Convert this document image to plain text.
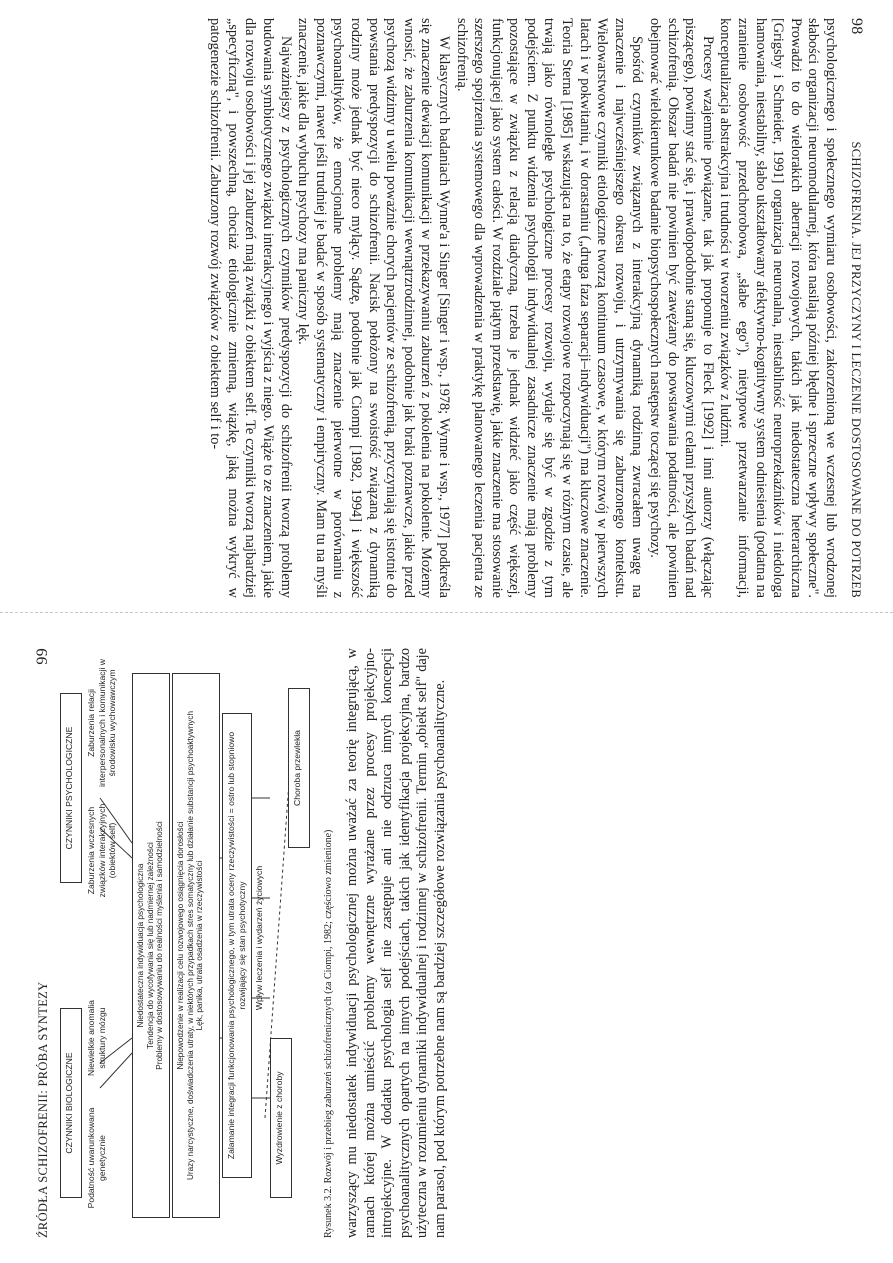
98
SCHIZOFRENIA. JEJ PRZYCZYNY I LECZENIE DOSTOSOWANE DO POTRZEB

psychologicznego i społecznego wymiaru osobowości, zakorzenioną we wczesnej lub wrodzonej słabości organizacji neuromodularnej, która nasilają później błędne i sprzeczne wpływy społeczne". Prowadzi to do wielorakich aberracji rozwojowych, takich jak niedostateczna heterarchiczna [Grigsby i Schneider, 1991] organizacja neuronalna, niestabilność neuroprzekaźników i niedologa hamowania, niestabilny, słabo ukształtowany afektywno-kognitywny system odniesienia (podatna na zranienie osobowość przedchorobowa, „słabe ego"), nietypowe przetwarzanie informacji, konceptualizacja abstrakcyjna i trudności w tworzeniu związków z ludźmi.

Procesy wzajemnie powiązane, tak jak proponuje to Fleck [1992] i inni autorzy (włączając piszącego), powinny stać się, i prawdopodobnie staną się, kluczowymi celami przyszłych badań nad schizofrenią. Obszar badań nie powinien być zawężany do powstawania podatności, ale powinien obejmować wielokierunkowe badanie biopsychospołecznych następstw toczącej się psychozy.

Spośród czynników związanych z interakcyjną dynamiką rodzinną zwracałem uwagę na znaczenie i najwcześniejszego okresu rozwoju, i utrzymywania się zaburzonego kontekstu. Wielowarstwowe czynniki etiologiczne tworzą kontinuum czasowe, w którym rozwój w pierwszych latach i w pokwitaniu, i w dorastaniu („druga faza separacji–indywiduacji") ma kluczowe znaczenie. Teoria Sterna [1985] wskazująca na to, że etapy rozwojowe rozpoczynają się w różnym czasie, ale trwają jako równoległe psychologiczne procesy rozwoju, wydaje się być w zgodzie z tym podejściem. Z punktu widzenia psychologii indywidualnej zasadnicze znaczenie mają problemy pozostające w związku z relacją diadyczną, trzeba je jednak widzieć jako część większej, funkcjonującej jako system całości. W rozdziale piątym przedstawię, jakie znaczenie ma stosowanie szerszego spojrzenia systemowego dla wprowadzenia w praktykę planowanego leczenia pacjenta ze schizofrenią.

W klasycznych badaniach Wynne'a i Singer [Singer i wsp., 1978; Wynne i wsp., 1977] podkreśla się znaczenie dewiacji komunikacji w przekazywaniu zaburzeń z pokolenia na pokolenie. Możemy wnosić, że zaburzenia komunikacji wewnątrzrodzinnej, podobnie jak braki poznawcze, jakie przed psychozą widzimy u wielu poważnie chorych pacjentów ze schizofrenią, przyczyniają się istotnie do powstania predyspozycji do schizofrenii. Nacisk położony na swoistość związaną z dynamiką rodziny może jednak być nieco mylący. Sądzę, podobnie jak Ciompi [1982, 1994] i większość psychoanalityków, że emocjonalne problemy mają znaczenie pierwotne w porównaniu z poznawczymi, nawet jeśli trudniej je badać w sposób systematyczny i empiryczny. Mam tu na myśli znaczenie, jakie dla wybuchu psychozy ma paniczny lęk.

Najważniejszy z psychologicznych czynników predyspozycji do schizofrenii tworzą problemy budowania symbiotycznego związku interakcyjnego i wyjścia z niego. Wiąże to ze znaczeniem, jakie dla rozwoju osobowości i jej zaburzeń mają związki z obiektem self. Te czynniki tworzą najbardziej „specyficzną", i powszechną, chociaż etiologicznie zmienną, wiązkę, jaką można wykryć w patogenezie schizofrenii. Zaburzony rozwój związków z obiektem self i to-

ŹRÓDŁA SCHIZOFRENII: PRÓBA SYNTEZY
99
CZYNNIKI BIOLOGICZNE
CZYNNIKI PSYCHOLOGICZNE
Podatność uwarunkowana genetycznie
Niewielkie anomalia struktury mózgu
Zaburzenia wczesnych związków interakcyjnych (obiektów self)
Zaburzenia relacji interpersonalnych i komunikacji w środowisku wychowawczym
Niedostateczna indywiduacja psychologiczna Tendencja do wycofywania się lub nadmiernej zależności Problemy w dostosowywaniu do realności myślenia i samodzielności Niepowodzenie w realizacji celu rozwojowego osiągnięcia dorosłości Urazy narcystyczne, doświadczenia utraty, w niektórych przypadkach stres somatyczny lub działanie substancji psychoaktywnych Lęk, panika, utrata osadzenia w rzeczywistości	Zalamanie integracji funkcjonowania psychologicznego, w tym utrata oceny rzeczywistości = ostro lub stopniowo rozwijający się stan psychotyczny Wpływ leczenia i wydarzeń życiowych
Wyzdrowienie z choroby
Choroba przewlekła
Rysunek 3.2. Rozwój i przebieg zaburzeń schizofrenicznych (za Ciompi, 1982; częściowo zmienione) warzyszący mu niedostatek indywiduacji psychologicznej można uważać za teorię integrującą, w ramach której można umieścić problemy wewnętrzne wyrażane przez procesy projekcyjno-introjekcyjne. W dodatku psychologia self nie zastępuje ani nie odrzuca innych koncepcji psychoanalitycznych opartych na innych podejściach, takich jak identyfikacja projekcyjna, bardzo użyteczna w rozumieniu dynamiki indywidualnej i rodzinnej w schizofrenii. Termin „obiekt self" daje nam parasol, pod którym potrzebne nam są bardziej szczegółowe rozwiązania psychoanalityczne.
